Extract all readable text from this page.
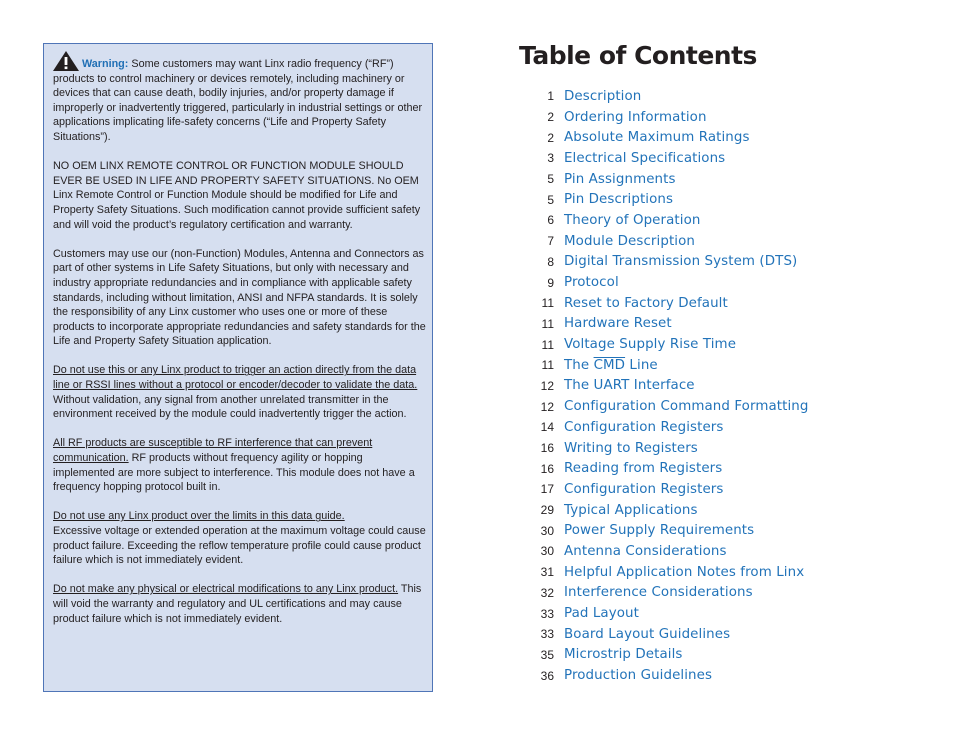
Warning: Some customers may want Linx radio frequency (“RF”) products to control machinery or devices remotely, including machinery or devices that can cause death, bodily injuries, and/or property damage if improperly or inadvertently triggered, particularly in industrial settings or other applications implicating life-safety concerns (“Life and Property Safety Situations”).

NO OEM LINX REMOTE CONTROL OR FUNCTION MODULE SHOULD EVER BE USED IN LIFE AND PROPERTY SAFETY SITUATIONS. No OEM Linx Remote Control or Function Module should be modified for Life and Property Safety Situations. Such modification cannot provide sufficient safety and will void the product’s regulatory certification and warranty.

Customers may use our (non-Function) Modules, Antenna and Connectors as part of other systems in Life Safety Situations, but only with necessary and industry appropriate redundancies and in compliance with applicable safety standards, including without limitation, ANSI and NFPA standards. It is solely the responsibility of any Linx customer who uses one or more of these products to incorporate appropriate redundancies and safety standards for the Life and Property Safety Situation application.

Do not use this or any Linx product to trigger an action directly from the data line or RSSI lines without a protocol or encoder/decoder to validate the data. Without validation, any signal from another unrelated transmitter in the environment received by the module could inadvertently trigger the action.

All RF products are susceptible to RF interference that can prevent communication. RF products without frequency agility or hopping implemented are more subject to interference. This module does not have a frequency hopping protocol built in.

Do not use any Linx product over the limits in this data guide.
Excessive voltage or extended operation at the maximum voltage could cause product failure. Exceeding the reflow temperature profile could cause product failure which is not immediately evident.

Do not make any physical or electrical modifications to any Linx product. This will void the warranty and regulatory and UL certifications and may cause product failure which is not immediately evident.

Table of Contents
1 Description
2 Ordering Information
2 Absolute Maximum Ratings
3 Electrical Specifications
5 Pin Assignments
5 Pin Descriptions
6 Theory of Operation
7 Module Description
8 Digital Transmission System (DTS)
9 Protocol
11 Reset to Factory Default
11 Hardware Reset
11 Voltage Supply Rise Time
11 The $\overline{CMD}$ Line
12 The UART Interface
12 Configuration Command Formatting
14 Configuration Registers
16 Writing to Registers
16 Reading from Registers
17 Configuration Registers
29 Typical Applications
30 Power Supply Requirements
30 Antenna Considerations
31 Helpful Application Notes from Linx
32 Interference Considerations
33 Pad Layout
33 Board Layout Guidelines
35 Microstrip Details
36 Production Guidelines
